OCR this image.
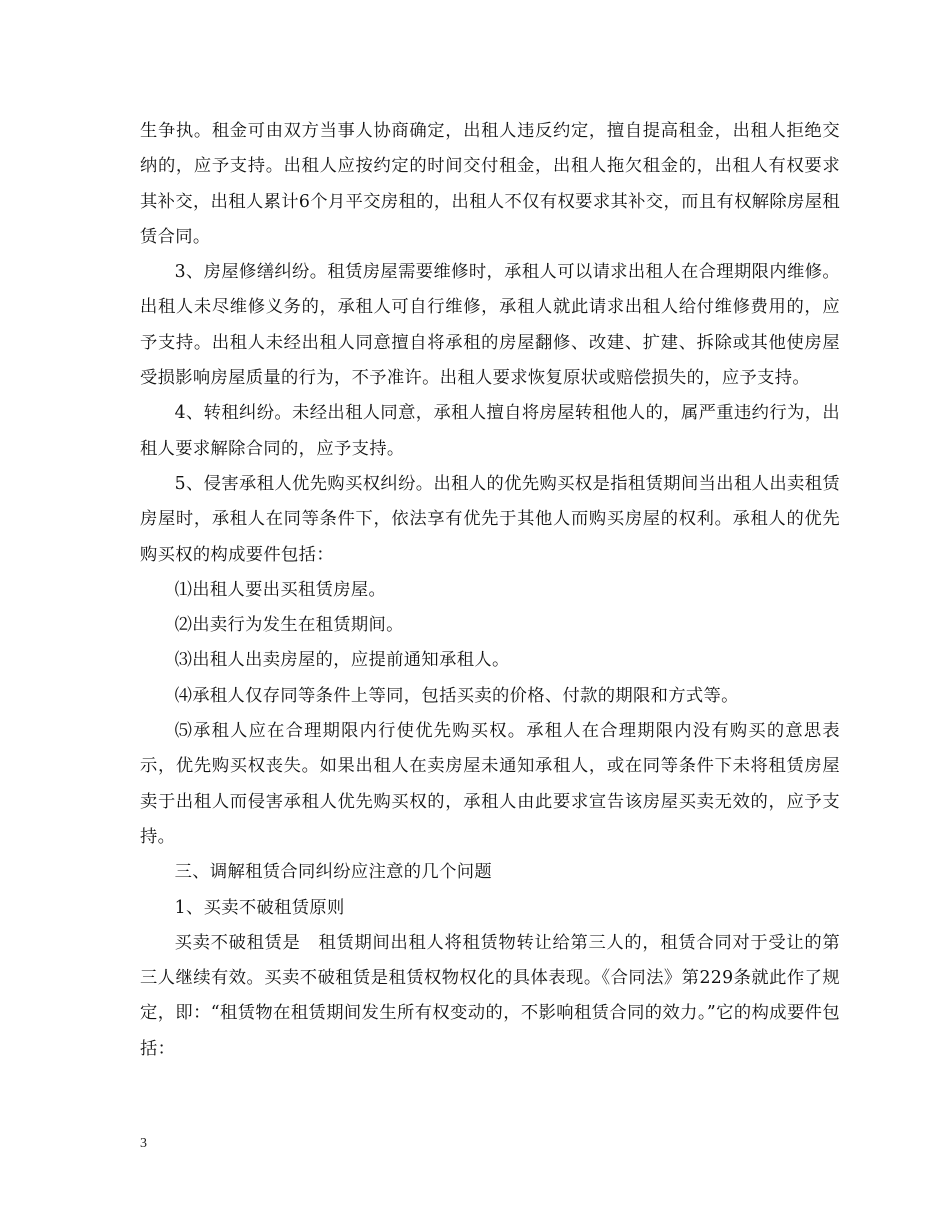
生争执。租金可由双方当事人协商确定，出租人违反约定，擅自提高租金，出租人拒绝交纳的，应予支持。出租人应按约定的时间交付租金，出租人拖欠租金的，出租人有权要求其补交，出租人累计6个月平交房租的，出租人不仅有权要求其补交，而且有权解除房屋租赁合同。

3、房屋修缮纠纷。租赁房屋需要维修时，承租人可以请求出租人在合理期限内维修。出租人未尽维修义务的，承租人可自行维修，承租人就此请求出租人给付维修费用的，应予支持。出租人未经出租人同意擅自将承租的房屋翻修、改建、扩建、拆除或其他使房屋受损影响房屋质量的行为，不予准许。出租人要求恢复原状或赔偿损失的，应予支持。

4、转租纠纷。未经出租人同意，承租人擅自将房屋转租他人的，属严重违约行为，出租人要求解除合同的，应予支持。

5、侵害承租人优先购买权纠纷。出租人的优先购买权是指租赁期间当出租人出卖租赁房屋时，承租人在同等条件下，依法享有优先于其他人而购买房屋的权利。承租人的优先购买权的构成要件包括：

⑴出租人要出买租赁房屋。

⑵出卖行为发生在租赁期间。

⑶出租人出卖房屋的，应提前通知承租人。

⑷承租人仅存同等条件上等同，包括买卖的价格、付款的期限和方式等。

⑸承租人应在合理期限内行使优先购买权。承租人在合理期限内没有购买的意思表示，优先购买权丧失。如果出租人在卖房屋未通知承租人，或在同等条件下未将租赁房屋卖于出租人而侵害承租人优先购买权的，承租人由此要求宣告该房屋买卖无效的，应予支持。

三、调解租赁合同纠纷应注意的几个问题

1、买卖不破租赁原则

买卖不破租赁是　租赁期间出租人将租赁物转让给第三人的，租赁合同对于受让的第三人继续有效。买卖不破租赁是租赁权物权化的具体表现。《合同法》第229条就此作了规定，即：“租赁物在租赁期间发生所有权变动的，不影响租赁合同的效力。”它的构成要件包括：

3
